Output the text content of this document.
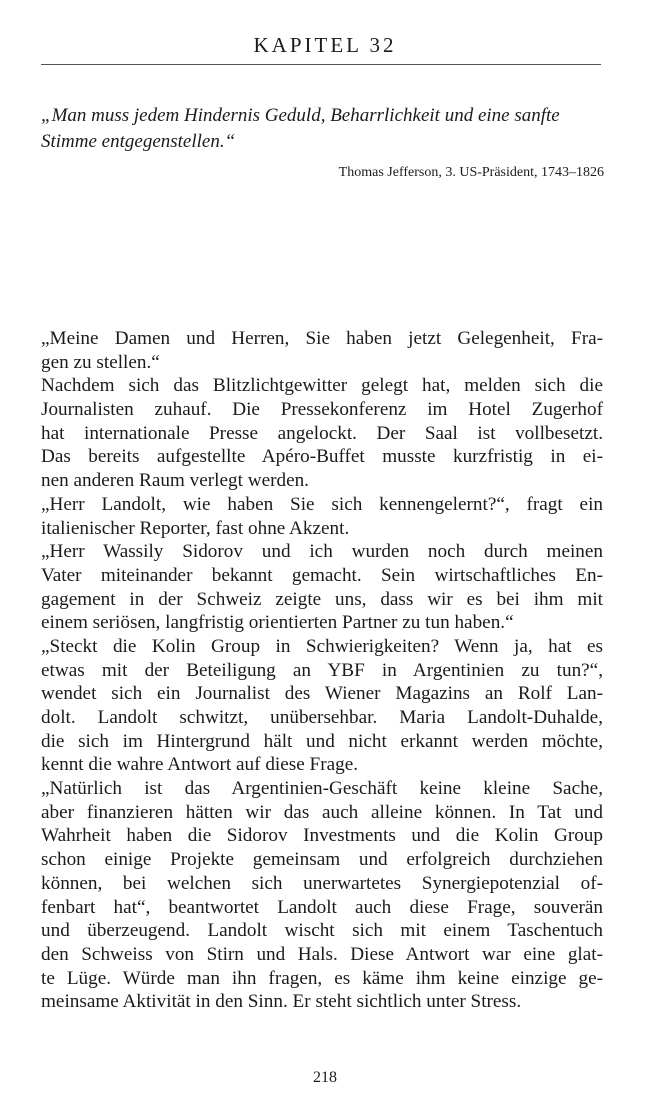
KAPITEL 32
„Man muss jedem Hindernis Geduld, Beharrlichkeit und eine sanfte Stimme entgegenstellen.“
Thomas Jefferson, 3. US-Präsident, 1743–1826
„Meine Damen und Herren, Sie haben jetzt Gelegenheit, Fra-
gen zu stellen.“
Nachdem sich das Blitzlichtgewitter gelegt hat, melden sich die
Journalisten zuhauf. Die Pressekonferenz im Hotel Zugerhof
hat internationale Presse angelockt. Der Saal ist vollbesetzt.
Das bereits aufgestellte Apéro-Buffet musste kurzfristig in ei-
nen anderen Raum verlegt werden.
„Herr Landolt, wie haben Sie sich kennengelernt?“, fragt ein
italienischer Reporter, fast ohne Akzent.
„Herr Wassily Sidorov und ich wurden noch durch meinen
Vater miteinander bekannt gemacht. Sein wirtschaftliches En-
gagement in der Schweiz zeigte uns, dass wir es bei ihm mit
einem seriösen, langfristig orientierten Partner zu tun haben.“
„Steckt die Kolin Group in Schwierigkeiten? Wenn ja, hat es
etwas mit der Beteiligung an YBF in Argentinien zu tun?“,
wendet sich ein Journalist des Wiener Magazins an Rolf Lan-
dolt. Landolt schwitzt, unübersehbar. Maria Landolt-Duhalde,
die sich im Hintergrund hält und nicht erkannt werden möchte,
kennt die wahre Antwort auf diese Frage.
„Natürlich ist das Argentinien-Geschäft keine kleine Sache,
aber finanzieren hätten wir das auch alleine können. In Tat und
Wahrheit haben die Sidorov Investments und die Kolin Group
schon einige Projekte gemeinsam und erfolgreich durchziehen
können, bei welchen sich unerwartetes Synergiepotenzial of-
fenbart hat“, beantwortet Landolt auch diese Frage, souverän
und überzeugend. Landolt wischt sich mit einem Taschentuch
den Schweiss von Stirn und Hals. Diese Antwort war eine glat-
te Lüge. Würde man ihn fragen, es käme ihm keine einzige ge-
meinsame Aktivität in den Sinn. Er steht sichtlich unter Stress.
218
